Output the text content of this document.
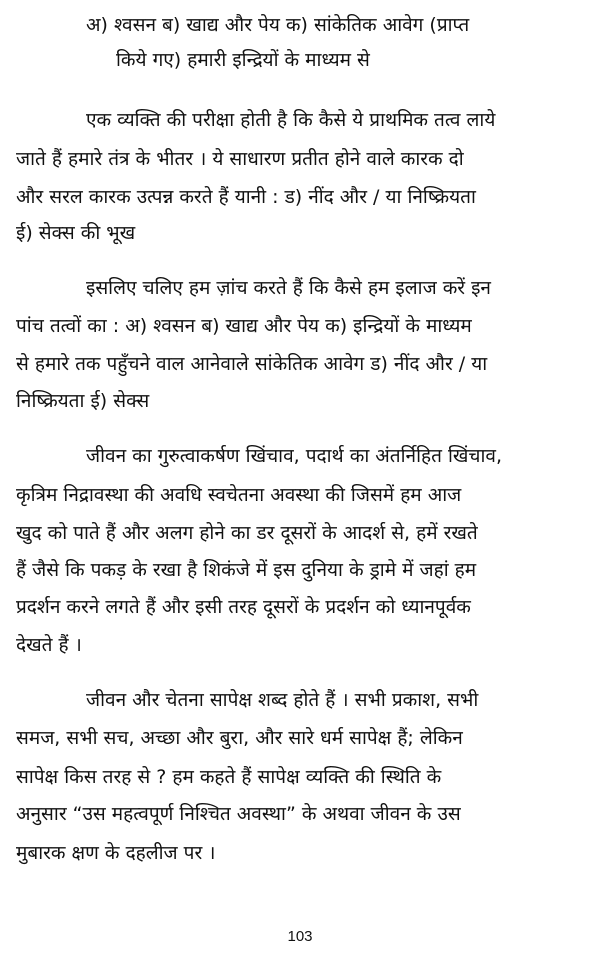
अ) श्वसन ब) खाद्य और पेय क) सांकेतिक आवेग (प्राप्त
किये गए) हमारी इन्द्रियों के माध्यम से
एक व्यक्ति की परीक्षा होती है कि कैसे ये प्राथमिक तत्व लाये
जाते हैं हमारे तंत्र के भीतर । ये साधारण प्रतीत होने वाले कारक दो
और सरल कारक उत्पन्न करते हैं यानी : ड) नींद और / या निष्क्रियता
ई) सेक्स की भूख
इसलिए चलिए हम ज़ांच करते हैं कि कैसे हम इलाज करें इन
पांच तत्वों का : अ) श्वसन ब) खाद्य और पेय क) इन्द्रियों के माध्यम
से हमारे तक पहुँचने वाल आनेवाले सांकेतिक आवेग ड) नींद और / या
निष्क्रियता ई) सेक्स
जीवन का गुरुत्वाकर्षण खिंचाव, पदार्थ का अंतर्निहित खिंचाव,
कृत्रिम निद्रावस्था की अवधि स्वचेतना अवस्था की जिसमें हम आज
खुद को पाते हैं और अलग होने का डर दूसरों के आदर्श से, हमें रखते
हैं जैसे कि पकड़ के रखा है शिकंजे में इस दुनिया के ड्रामे में जहां हम
प्रदर्शन करने लगते हैं और इसी तरह दूसरों के प्रदर्शन को ध्यानपूर्वक
देखते हैं ।
जीवन और चेतना सापेक्ष शब्द होते हैं । सभी प्रकाश, सभी
समज, सभी सच, अच्छा और बुरा, और सारे धर्म सापेक्ष हैं; लेकिन
सापेक्ष किस तरह से ? हम कहते हैं सापेक्ष व्यक्ति की स्थिति के
अनुसार “उस महत्वपूर्ण निश्चित अवस्था” के अथवा जीवन के उस
मुबारक क्षण के दहलीज पर ।
103
